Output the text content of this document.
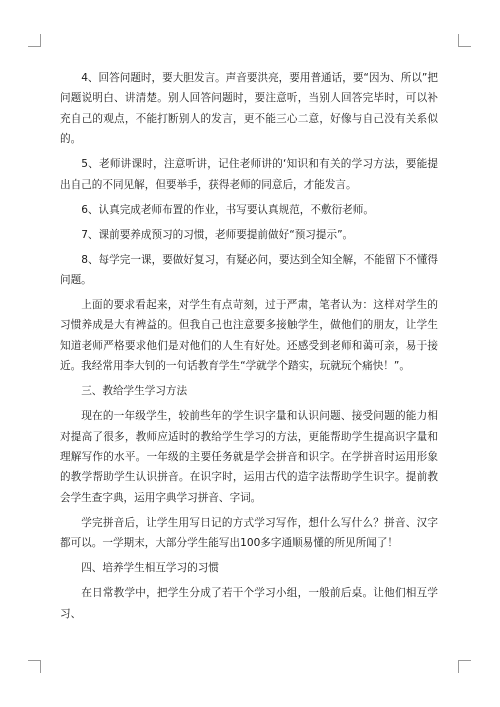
4、回答问题时，要大胆发言。声音要洪亮，要用普通话，要“因为、所以”把问题说明白、讲清楚。别人回答问题时，要注意听，当别人回答完毕时，可以补充自己的观点，不能打断别人的发言，更不能三心二意，好像与自己没有关系似的。

5、老师讲课时，注意听讲，记住老师讲的‘知识和有关的学习方法，要能提出自己的不同见解，但要举手，获得老师的同意后，才能发言。

6、认真完成老师布置的作业，书写要认真规范，不敷衍老师。

7、课前要养成预习的习惯，老师要提前做好“预习提示”。

8、每学完一课，要做好复习，有疑必问，要达到全知全解，不能留下不懂得问题。

上面的要求看起来，对学生有点苛刻，过于严肃，笔者认为：这样对学生的习惯养成是大有裨益的。但我自己也注意要多接触学生，做他们的朋友，让学生知道老师严格要求他们是对他们的人生有好处。还感受到老师和蔼可亲，易于接近。我经常用李大钊的一句话教育学生“学就学个踏实，玩就玩个痛快！”。

三、教给学生学习方法

现在的一年级学生，较前些年的学生识字量和认识问题、接受问题的能力相对提高了很多，教师应适时的教给学生学习的方法，更能帮助学生提高识字量和理解写作的水平。一年级的主要任务就是学会拼音和识字。在学拼音时运用形象的教学帮助学生认识拼音。在识字时，运用古代的造字法帮助学生识字。提前教会学生查字典，运用字典学习拼音、字词。

学完拼音后，让学生用写日记的方式学习写作，想什么写什么？拼音、汉字都可以。一学期末，大部分学生能写出100多字通顺易懂的所见所闻了！

四、培养学生相互学习的习惯

在日常教学中，把学生分成了若干个学习小组，一般前后桌。让他们相互学习、
